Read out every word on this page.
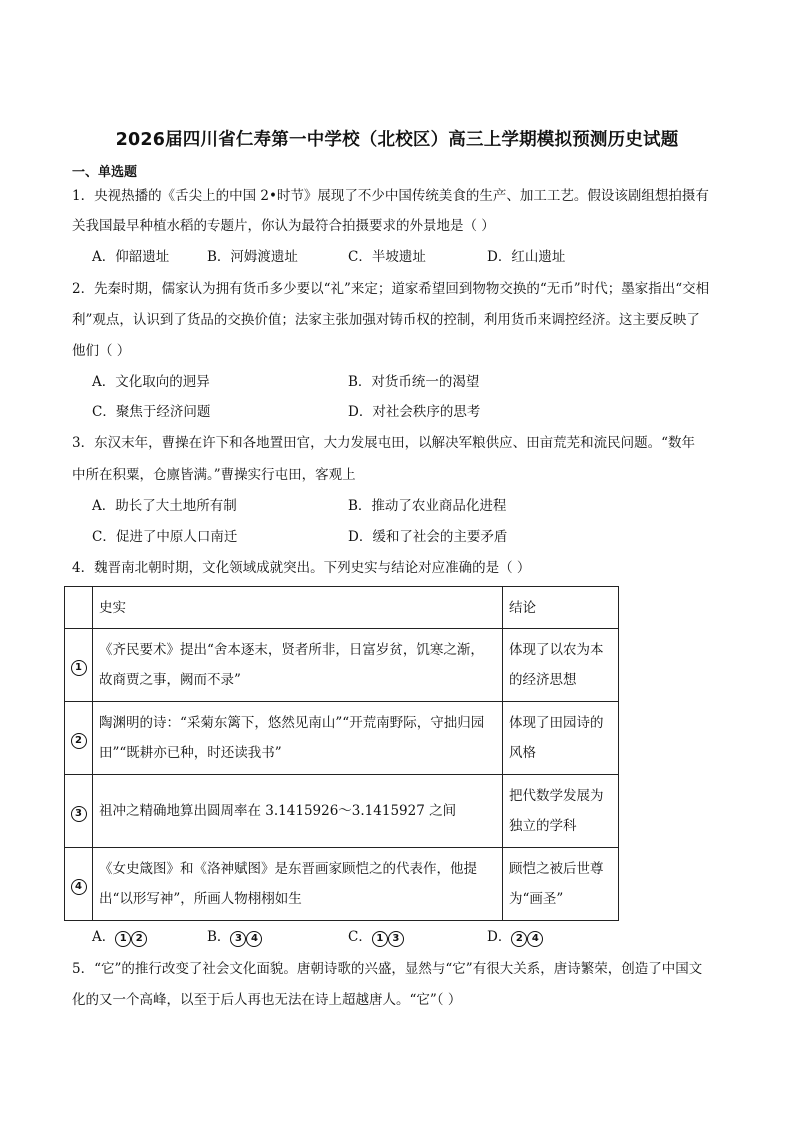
2026届四川省仁寿第一中学校（北校区）高三上学期模拟预测历史试题
一、单选题
1．央视热播的《舌尖上的中国 2•时节》展现了不少中国传统美食的生产、加工工艺。假设该剧组想拍摄有
关我国最早种植水稻的专题片，你认为最符合拍摄要求的外景地是（ ）
A．仰韶遗址	B．河姆渡遗址	C．半坡遗址	D．红山遗址
2．先秦时期，儒家认为拥有货币多少要以“礼”来定；道家希望回到物物交换的“无币”时代；墨家指出“交相
利”观点，认识到了货品的交换价值；法家主张加强对铸币权的控制，利用货币来调控经济。这主要反映了
他们（ ）
A．文化取向的迥异	B．对货币统一的渴望
C．聚焦于经济问题	D．对社会秩序的思考
3．东汉末年，曹操在许下和各地置田官，大力发展屯田，以解决军粮供应、田亩荒芜和流民问题。“数年
中所在积粟，仓廪皆满。”曹操实行屯田，客观上
A．助长了大土地所有制	B．推动了农业商品化进程
C．促进了中原人口南迁	D．缓和了社会的主要矛盾
4．魏晋南北朝时期，文化领域成就突出。下列史实与结论对应准确的是（ ）
	史实	结论
1	《齐民要术》提出“舍本逐末，贤者所非，日富岁贫，饥寒之渐，
故商贾之事，阙而不录”	体现了以农为本
的经济思想
2	陶渊明的诗：“采菊东篱下，悠然见南山”“开荒南野际，守拙归园
田”“既耕亦已种，时还读我书”	体现了田园诗的
风格
3	祖冲之精确地算出圆周率在 3.1415926～3.1415927 之间	把代数学发展为
独立的学科
4	《女史箴图》和《洛神赋图》是东晋画家顾恺之的代表作，他提
出“以形写神”，所画人物栩栩如生	顾恺之被后世尊
为“画圣”
A． 1 2	B． 3 4	C． 1 3	D． 2 4
5．“它”的推行改变了社会文化面貌。唐朝诗歌的兴盛，显然与“它”有很大关系，唐诗繁荣，创造了中国文
化的又一个高峰，以至于后人再也无法在诗上超越唐人。“它”（ ）
